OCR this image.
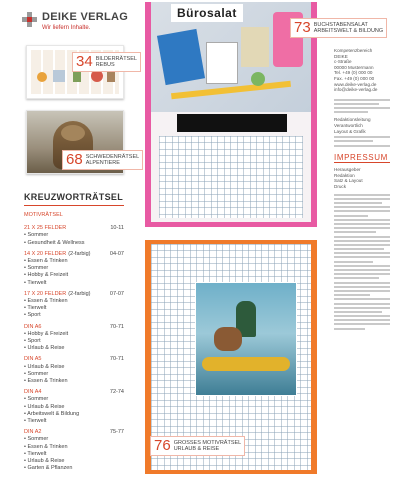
DEIKE VERLAG
Wir liefern Inhalte.
34 BILDERRÄTSEL
REBUS
68 SCHWEDENRÄTSEL
ALPENTIERE
KREUZWORTRÄTSEL
MOTIVRÄTSEL
21 X 25 FELDER	10-11
• Sommer
• Gesundheit & Wellness
14 X 20 FELDER (2-farbig)	04-07
• Essen & Trinken
• Sommer
• Hobby & Freizeit
• Tierwelt
17 X 20 FELDER (2-farbig)	07-07
• Essen & Trinken
• Tierwelt
• Sport
DIN A6	70-71
• Hobby & Freizeit
• Sport
• Urlaub & Reise
DIN A5	70-71
• Urlaub & Reise
• Sommer
• Essen & Trinken
DIN A4	72-74
• Sommer
• Urlaub & Reise
• Arbeitswelt & Bildung
• Tierwelt
DIN A2	75-77
• Sommer
• Essen & Trinken
• Tierwelt
• Urlaub & Reise
• Garten & Pflanzen
Bürosalat
73 BUCHSTABENSALAT
ARBEITSWELT & BILDUNG
76 GROSSES MOTIVRÄTSEL
URLAUB & REISE
Kompetenzbereich
DEIKE
c-Straße
00000 Mustermann
Tel. +49 (0) 000 00
Fax. +49 (0) 000 00
www.deike-verlag.de
info@deike-verlag.de
Redaktionsleitung
Verantwortlich
Layout & Grafik
IMPRESSUM
Herausgeber
Redaktion
Satz & Layout
Druck
